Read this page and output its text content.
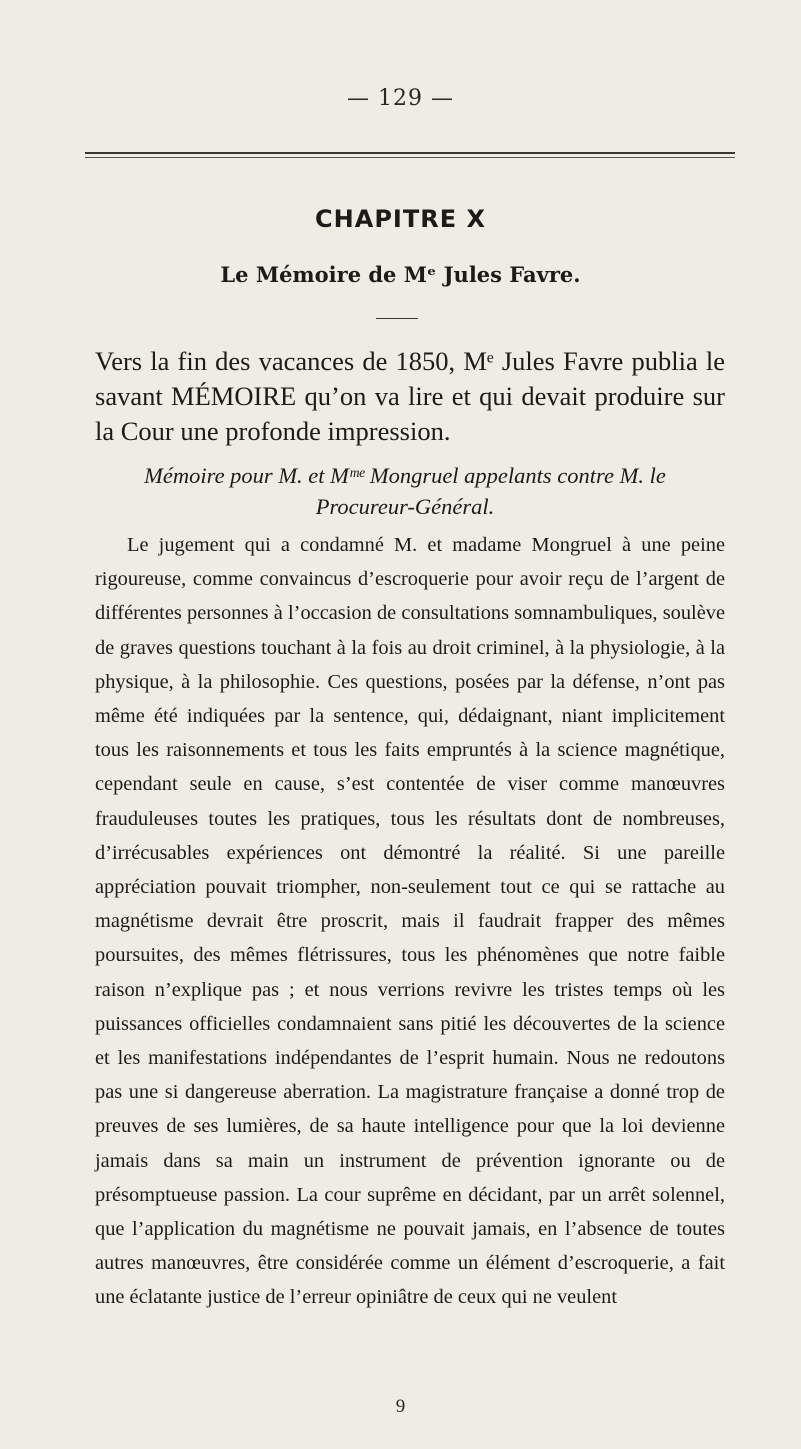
— 129 —
CHAPITRE X
Le Mémoire de Mᵉ Jules Favre.
Vers la fin des vacances de 1850, Mᵉ Jules Favre publia le savant MÉMOIRE qu’on va lire et qui devait produire sur la Cour une profonde impression.
Mémoire pour M. et Mᵐᵉ Mongruel appelants contre M. le Procureur-Général.

Le jugement qui a condamné M. et madame Mongruel à une peine rigoureuse, comme convaincus d’escroquerie pour avoir reçu de l’argent de différentes personnes à l’occasion de consultations somnambuliques, soulève de graves questions touchant à la fois au droit criminel, à la physiologie, à la physique, à la philosophie. Ces questions, posées par la défense, n’ont pas même été indiquées par la sentence, qui, dédaignant, niant implicitement tous les raisonnements et tous les faits empruntés à la science magnétique, cependant seule en cause, s’est contentée de viser comme manœuvres frauduleuses toutes les pratiques, tous les résultats dont de nombreuses, d’irrécusables expériences ont démontré la réalité. Si une pareille appréciation pouvait triompher, non-seulement tout ce qui se rattache au magnétisme devrait être proscrit, mais il faudrait frapper des mêmes poursuites, des mêmes flétrissures, tous les phénomènes que notre faible raison n’explique pas ; et nous verrions revivre les tristes temps où les puissances officielles condamnaient sans pitié les découvertes de la science et les manifestations indépendantes de l’esprit humain. Nous ne redoutons pas une si dangereuse aberration. La magistrature française a donné trop de preuves de ses lumières, de sa haute intelligence pour que la loi devienne jamais dans sa main un instrument de prévention ignorante ou de présomptueuse passion. La cour suprême en décidant, par un arrêt solennel, que l’application du magnétisme ne pouvait jamais, en l’absence de toutes autres manœuvres, être considérée comme un élément d’escroquerie, a fait une éclatante justice de l’erreur opiniâtre de ceux qui ne veulent

9
